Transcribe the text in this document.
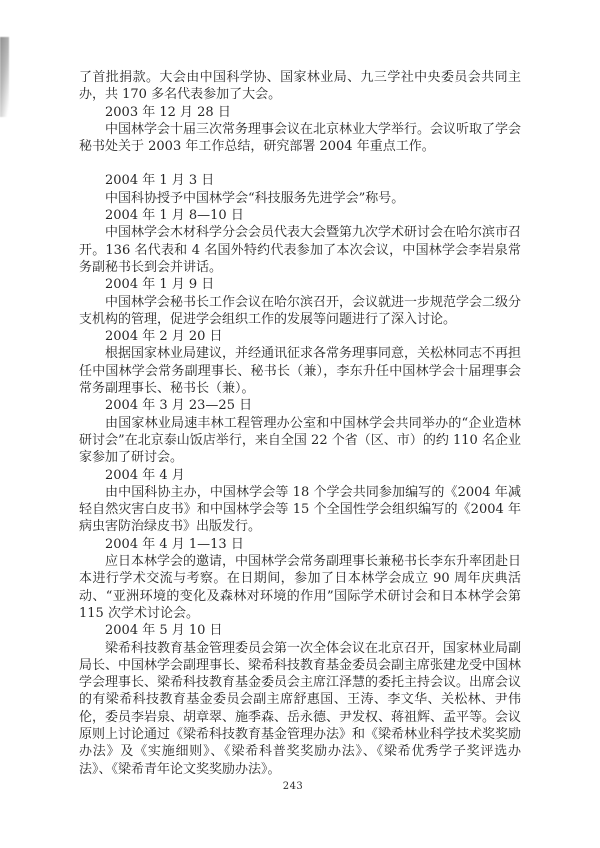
了首批捐款。大会由中国科学协、国家林业局、九三学社中央委员会共同主办，共 170 多名代表参加了大会。

2003 年 12 月 28 日

中国林学会十届三次常务理事会议在北京林业大学举行。会议听取了学会秘书处关于 2003 年工作总结，研究部署 2004 年重点工作。

2004 年 1 月 3 日

中国科协授予中国林学会“科技服务先进学会”称号。

2004 年 1 月 8—10 日

中国林学会木材科学分会会员代表大会暨第九次学术研讨会在哈尔滨市召开。136 名代表和 4 名国外特约代表参加了本次会议，中国林学会李岩泉常务副秘书长到会并讲话。

2004 年 1 月 9 日

中国林学会秘书长工作会议在哈尔滨召开，会议就进一步规范学会二级分支机构的管理，促进学会组织工作的发展等问题进行了深入讨论。

2004 年 2 月 20 日

根据国家林业局建议，并经通讯征求各常务理事同意，关松林同志不再担任中国林学会常务副理事长、秘书长（兼），李东升任中国林学会十届理事会常务副理事长、秘书长（兼）。

2004 年 3 月 23—25 日

由国家林业局速丰林工程管理办公室和中国林学会共同举办的“企业造林研讨会”在北京泰山饭店举行，来自全国 22 个省（区、市）的约 110 名企业家参加了研讨会。

2004 年 4 月

由中国科协主办，中国林学会等 18 个学会共同参加编写的《2004 年减轻自然灾害白皮书》和中国林学会等 15 个全国性学会组织编写的《2004 年病虫害防治绿皮书》出版发行。

2004 年 4 月 1—13 日

应日本林学会的邀请，中国林学会常务副理事长兼秘书长李东升率团赴日本进行学术交流与考察。在日期间，参加了日本林学会成立 90 周年庆典活动、“亚洲环境的变化及森林对环境的作用”国际学术研讨会和日本林学会第 115 次学术讨论会。

2004 年 5 月 10 日

梁希科技教育基金管理委员会第一次全体会议在北京召开，国家林业局副局长、中国林学会副理事长、梁希科技教育基金委员会副主席张建龙受中国林学会理事长、梁希科技教育基金委员会主席江泽慧的委托主持会议。出席会议的有梁希科技教育基金委员会副主席舒惠国、王涛、李文华、关松林、尹伟伦，委员李岩泉、胡章翠、施季森、岳永德、尹发权、蒋祖辉、孟平等。会议原则上讨论通过《梁希科技教育基金管理办法》和《梁希林业科学技术奖奖励办法》及《实施细则》、《梁希科普奖奖励办法》、《梁希优秀学子奖评选办法》、《梁希青年论文奖奖励办法》。

243
